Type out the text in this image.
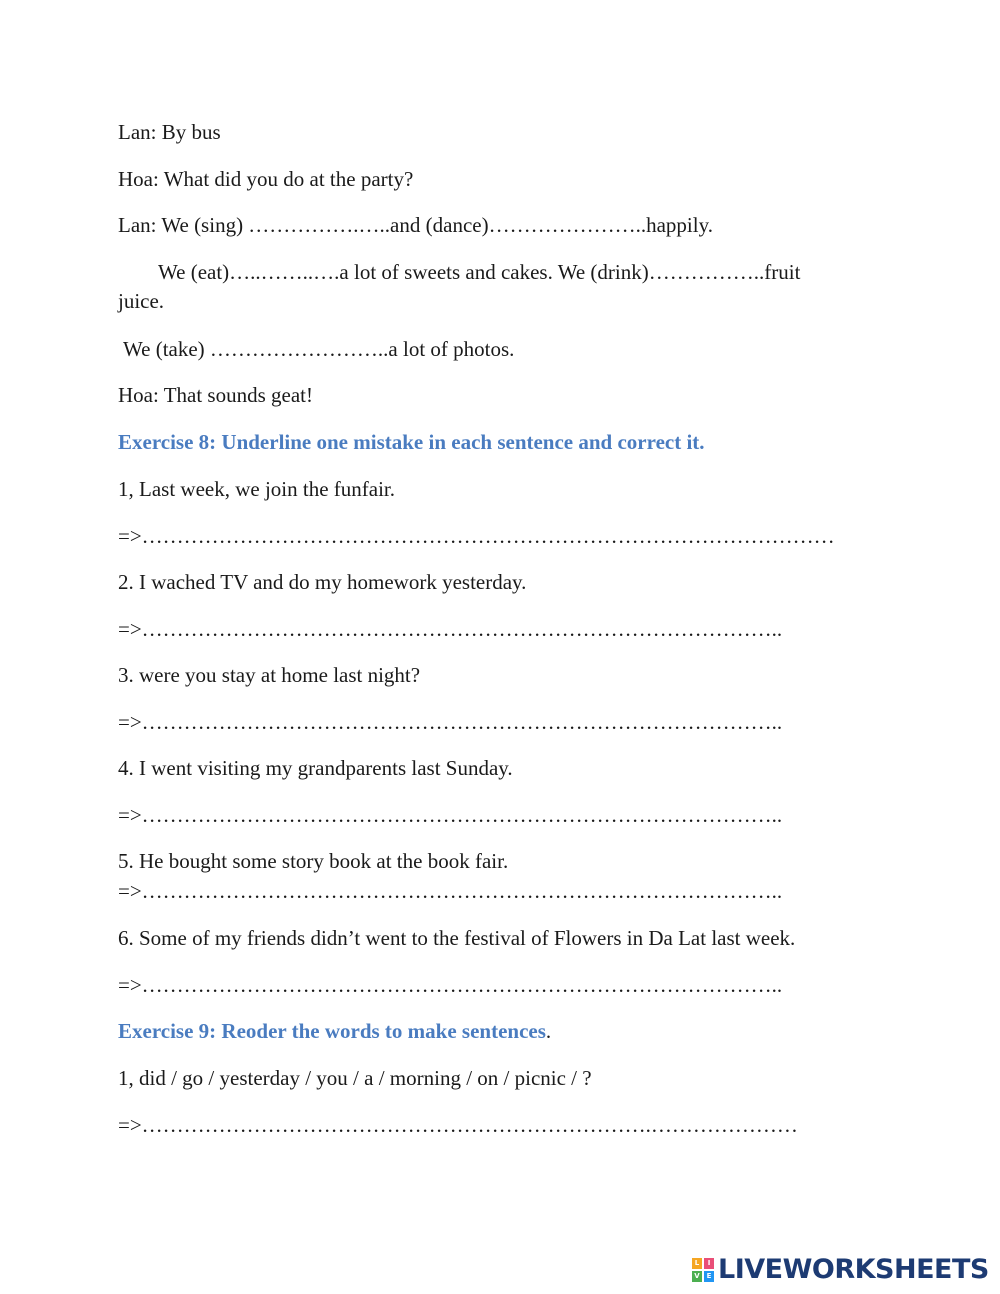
Lan: By bus
Hoa: What did you do at the party?
Lan: We (sing) …………….…..and (dance)…………………..happily.
We (eat)…..……..….a lot of sweets and cakes. We (drink)……………..fruit
juice.
We (take) ……………………..a lot of photos.
Hoa: That sounds geat!
Exercise 8: Underline one mistake in each sentence and correct it.
1, Last week, we join the funfair.
=>………………………………………………………………………………………
2. I wached TV and do my homework yesterday.
=>………………………………………………………………………………..
3. were you stay at home last night?
=>………………………………………………………………………………..
4. I went visiting my grandparents last Sunday.
=>………………………………………………………………………………..
5. He bought some story book at the book fair.
=>………………………………………………………………………………..
6. Some of my friends didn’t went to the festival of Flowers in Da Lat last week.
=>………………………………………………………………………………..
Exercise 9: Reoder the words to make sentences.
1, did / go / yesterday / you / a / morning / on / picnic / ?
=>……………………………………………………………….…………………
L	I
V E LIVEWORKSHEETS
